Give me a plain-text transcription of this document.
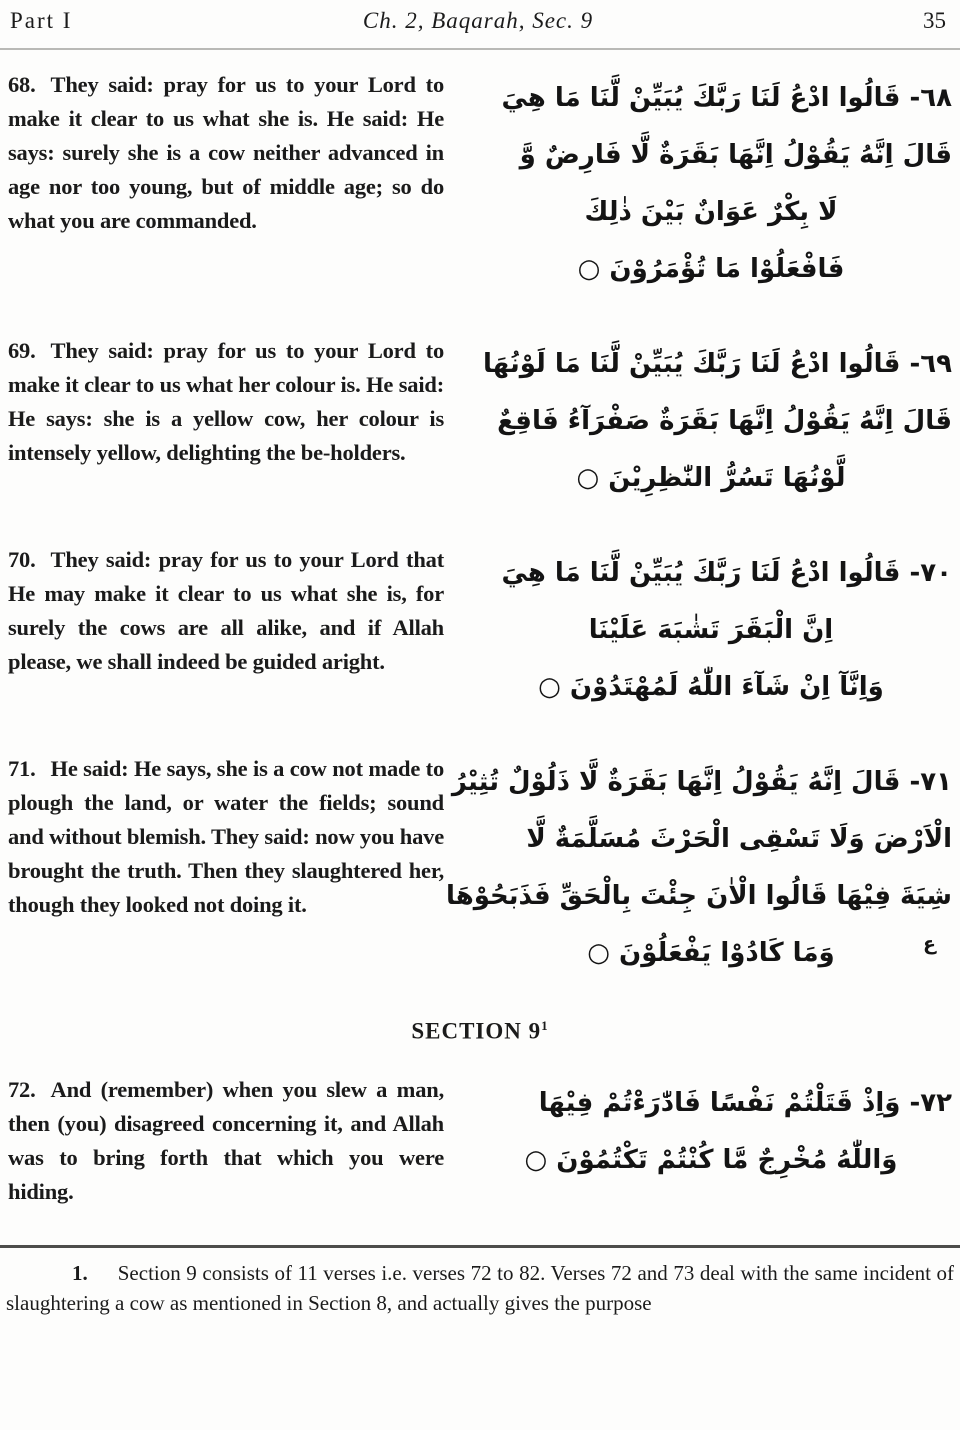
Part I	Ch. 2, Baqarah, Sec. 9	35

68. They said: pray for us to your Lord to make it clear to us what she is. He said: He says: surely she is a cow neither advanced in age nor too young, but of middle age; so do what you are commanded.

٦٨- قَالُوا ادْعُ لَنَا رَبَّكَ يُبَيِّنْ لَّنَا مَا هِيَ
قَالَ اِنَّهُ يَقُوْلُ اِنَّهَا بَقَرَةٌ لَّا فَارِضٌ وَّ
لَا بِكْرٌ عَوَانٌ بَيْنَ ذٰلِكَ
فَافْعَلُوْا مَا تُؤْمَرُوْنَ ○

69. They said: pray for us to your Lord to make it clear to us what her colour is. He said: He says: she is a yellow cow, her colour is intensely yellow, delighting the be-holders.

٦٩- قَالُوا ادْعُ لَنَا رَبَّكَ يُبَيِّنْ لَّنَا مَا لَوْنُهَا
قَالَ اِنَّهُ يَقُوْلُ اِنَّهَا بَقَرَةٌ صَفْرَآءُ فَاقِعٌ
لَّوْنُهَا تَسُرُّ النّٰظِرِيْنَ ○

70. They said: pray for us to your Lord that He may make it clear to us what she is, for surely the cows are all alike, and if Allah please, we shall indeed be guided aright.

٧٠- قَالُوا ادْعُ لَنَا رَبَّكَ يُبَيِّنْ لَّنَا مَا هِيَ
اِنَّ الْبَقَرَ تَشٰبَهَ عَلَيْنَا
وَاِنَّآ اِنْ شَآءَ اللّٰهُ لَمُهْتَدُوْنَ ○

71. He said: He says, she is a cow not made to plough the land, or water the fields; sound and without blemish. They said: now you have brought the truth. Then they slaughtered her, though they looked not doing it.

٧١- قَالَ اِنَّهُ يَقُوْلُ اِنَّهَا بَقَرَةٌ لَّا ذَلُوْلٌ تُثِيْرُ
الْاَرْضَ وَلَا تَسْقِى الْحَرْثَ مُسَلَّمَةٌ لَّا
شِيَةَ فِيْهَا قَالُوا الْاٰنَ جِئْتَ بِالْحَقِّ فَذَبَحُوْهَا
ع
وَمَا كَادُوْا يَفْعَلُوْنَ ○
SECTION $9^1$

72. And (remember) when you slew a man, then (you) disagreed concerning it, and Allah was to bring forth that which you were hiding.

٧٢- وَاِذْ قَتَلْتُمْ نَفْسًا فَادّٰرَءْتُمْ فِيْهَا
وَاللّٰهُ مُخْرِجٌ مَّا كُنْتُمْ تَكْتُمُوْنَ ○

1. Section 9 consists of 11 verses i.e. verses 72 to 82. Verses 72 and 73 deal with the same incident of slaughtering a cow as mentioned in Section 8, and actually gives the purpose
